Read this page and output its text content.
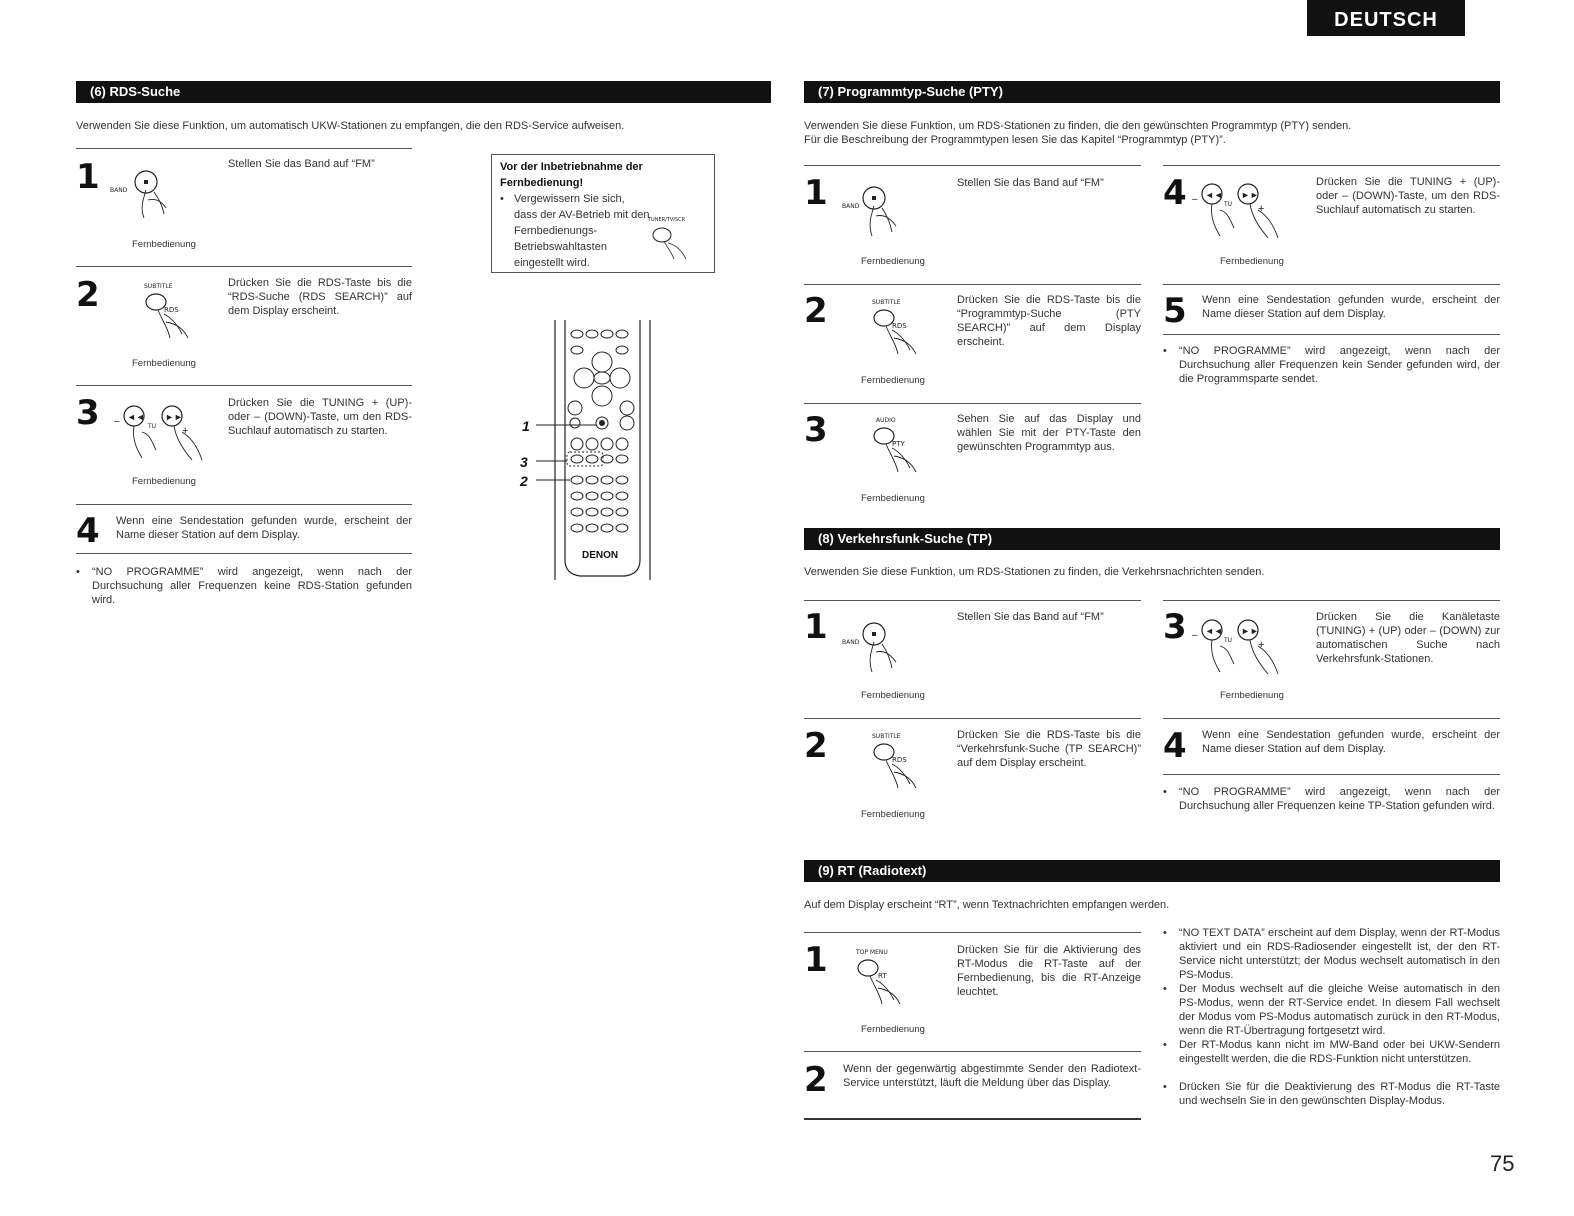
DEUTSCH
(6) RDS-Suche
Verwenden Sie diese Funktion, um automatisch UKW-Stationen zu empfangen, die den RDS-Service aufweisen.
1 BAND
Stellen Sie das Band auf “FM”
Fernbedienung
2	SUBTITLE
RDS
Drücken Sie die RDS-Taste bis die “RDS-Suche (RDS SEARCH)” auf dem Display erscheint.
Fernbedienung
3 – ◄◄ ►►
TU +
Drücken Sie die TUNING + (UP)- oder – (DOWN)-Taste, um den RDS-Suchlauf automatisch zu starten.
Fernbedienung
4 Wenn eine Sendestation gefunden wurde, erscheint der Name dieser Station auf dem Display.
• “NO PROGRAMME” wird angezeigt, wenn nach der Durchsuchung aller Frequenzen keine RDS-Station gefunden wird.
Vor der Inbetriebnahme der Fernbedienung!
• Vergewissern Sie sich, dass der AV-Betrieb mit den Fernbedienungs-Betriebswahltasten eingestellt wird.
TUNER/TV/SCR
DENON
1
3
2
(7) Programmtyp-Suche (PTY)
Verwenden Sie diese Funktion, um RDS-Stationen zu finden, die den gewünschten Programmtyp (PTY) senden.
Für die Beschreibung der Programmtypen lesen Sie das Kapitel “Programmtyp (PTY)”.
1 BAND
Stellen Sie das Band auf “FM”
Fernbedienung
2	SUBTITLE
RDS
Drücken Sie die RDS-Taste bis die “Programmtyp-Suche (PTY SEARCH)” auf dem Display erscheint.
Fernbedienung
3	AUDIO
PTY
Sehen Sie auf das Display und wählen Sie mit der PTY-Taste den gewünschten Programmtyp aus.
Fernbedienung
4 – ◄◄ ►►
TU +
Drücken Sie die TUNING + (UP)- oder – (DOWN)-Taste, um den RDS-Suchlauf automatisch zu starten.
Fernbedienung
5 Wenn eine Sendestation gefunden wurde, erscheint der Name dieser Station auf dem Display.
• “NO PROGRAMME” wird angezeigt, wenn nach der Durchsuchung aller Frequenzen kein Sender gefunden wird, der die Programmsparte sendet.
(8) Verkehrsfunk-Suche (TP)
Verwenden Sie diese Funktion, um RDS-Stationen zu finden, die Verkehrsnachrichten senden.
1 BAND
Stellen Sie das Band auf “FM”
Fernbedienung
2	SUBTITLE
RDS
Drücken Sie die RDS-Taste bis die “Verkehrsfunk-Suche (TP SEARCH)” auf dem Display erscheint.
Fernbedienung
3 – ◄◄ ►►
TU +
Drücken Sie die Kanäletaste (TUNING) + (UP) oder – (DOWN) zur automatischen Suche nach Verkehrsfunk-Stationen.
Fernbedienung
4 Wenn eine Sendestation gefunden wurde, erscheint der Name dieser Station auf dem Display.
• “NO PROGRAMME” wird angezeigt, wenn nach der Durchsuchung aller Frequenzen keine TP-Station gefunden wird.
(9) RT (Radiotext)
Auf dem Display erscheint “RT”, wenn Textnachrichten empfangen werden.
1	TOP MENU
RT
Drücken Sie für die Aktivierung des RT-Modus die RT-Taste auf der Fernbedienung, bis die RT-Anzeige leuchtet.
Fernbedienung
2 Wenn der gegenwärtig abgestimmte Sender den Radiotext-Service unterstützt, läuft die Meldung über das Display.
• “NO TEXT DATA” erscheint auf dem Display, wenn der RT-Modus aktiviert und ein RDS-Radiosender eingestellt ist, der den RT-Service nicht unterstützt; der Modus wechselt automatisch in den PS-Modus.
• Der Modus wechselt auf die gleiche Weise automatisch in den PS-Modus, wenn der RT-Service endet. In diesem Fall wechselt der Modus vom PS-Modus automatisch zurück in den RT-Modus, wenn die RT-Übertragung fortgesetzt wird.
• Der RT-Modus kann nicht im MW-Band oder bei UKW-Sendern eingestellt werden, die die RDS-Funktion nicht unterstützen.
• Drücken Sie für die Deaktivierung des RT-Modus die RT-Taste und wechseln Sie in den gewünschten Display-Modus.
75
